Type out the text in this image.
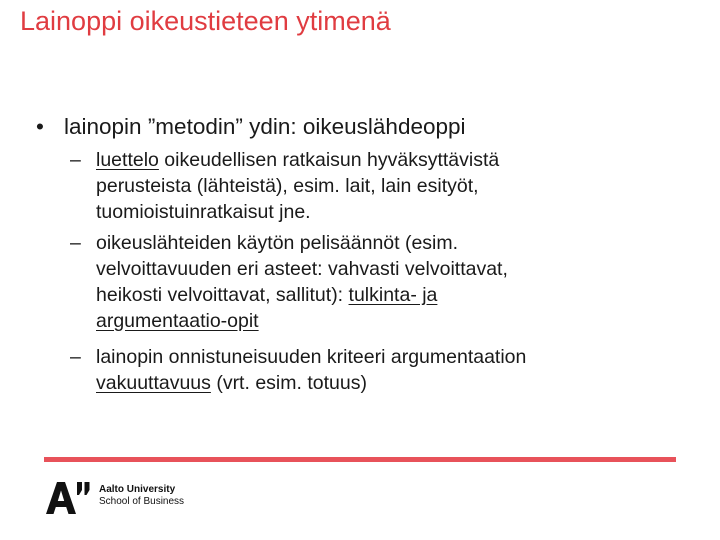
Lainoppi oikeustieteen ytimenä
• lainopin ”metodin” ydin: oikeuslähdeoppi
– luettelo oikeudellisen ratkaisun hyväksyttävistä
perusteista (lähteistä), esim. lait, lain esityöt,
tuomioistuinratkaisut jne.
– oikeuslähteiden käytön pelisäännöt (esim.
velvoittavuuden eri asteet: vahvasti velvoittavat,
heikosti velvoittavat, sallitut): tulkinta- ja
argumentaatio-opit
– lainopin onnistuneisuuden kriteeri argumentaation
vakuuttavuus (vrt. esim. totuus)
Aalto University
School of Business
